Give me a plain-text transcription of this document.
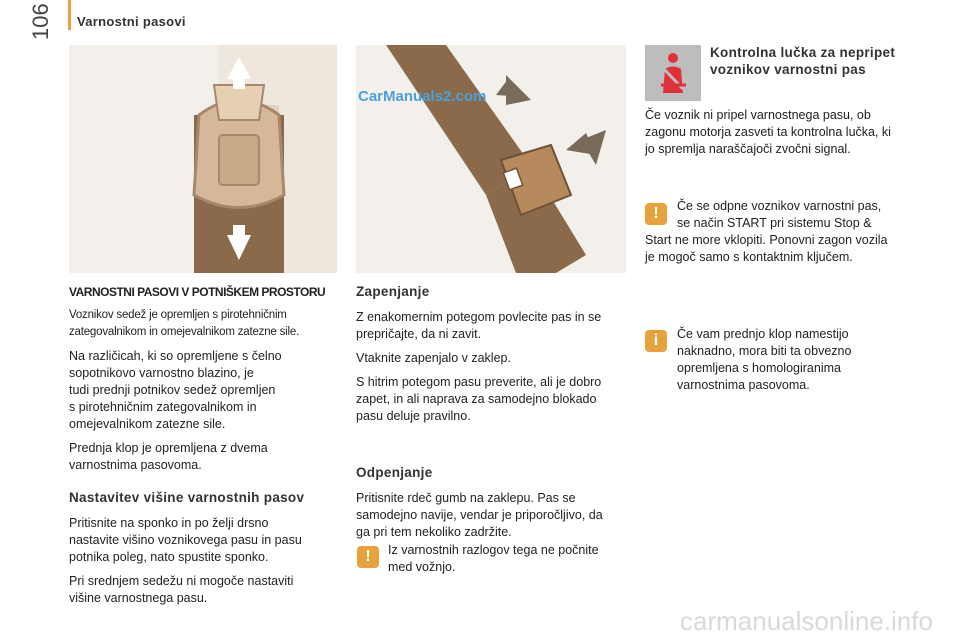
Varnostni pasovi
106
CarManuals2.com
VARNOSTNI PASOVI V POTNIŠKEM PROSTORU
Voznikov sedež je opremljen s pirotehničnim
zategovalnikom in omejevalnikom zatezne sile.
Na različicah, ki so opremljene s čelno
sopotnikovo varnostno blazino, je
tudi prednji potnikov sedež opremljen
s pirotehničnim zategovalnikom in
omejevalnikom zatezne sile.
Prednja klop je opremljena z dvema
varnostnima pasovoma.
Nastavitev višine varnostnih pasov
Pritisnite na sponko in po želji drsno
nastavite višino voznikovega pasu in pasu
potnika poleg, nato spustite sponko.
Pri srednjem sedežu ni mogoče nastaviti
višine varnostnega pasu.
Zapenjanje
Z enakomernim potegom povlecite pas in se
prepričajte, da ni zavit.
Vtaknite zapenjalo v zaklep.
S hitrim potegom pasu preverite, ali je dobro
zapet, in ali naprava za samodejno blokado
pasu deluje pravilno.
Odpenjanje
Pritisnite rdeč gumb na zaklepu. Pas se
samodejno navije, vendar je priporočljivo, da
ga pri tem nekoliko zadržite.
!	Iz varnostnih razlogov tega ne počnite
med vožnjo.
Kontrolna lučka za nepripet
voznikov varnostni pas
Če voznik ni pripel varnostnega pasu, ob
zagonu motorja zasveti ta kontrolna lučka, ki
jo spremlja naraščajoči zvočni signal.
!	Če se odpne voznikov varnostni pas,
se način START pri sistemu Stop &
Start ne more vklopiti. Ponovni zagon vozila
je mogoč samo s kontaktnim ključem.
i	Če vam prednjo klop namestijo
naknadno, mora biti ta obvezno
opremljena s homologiranima
varnostnima pasovoma.
carmanualsonline.info
